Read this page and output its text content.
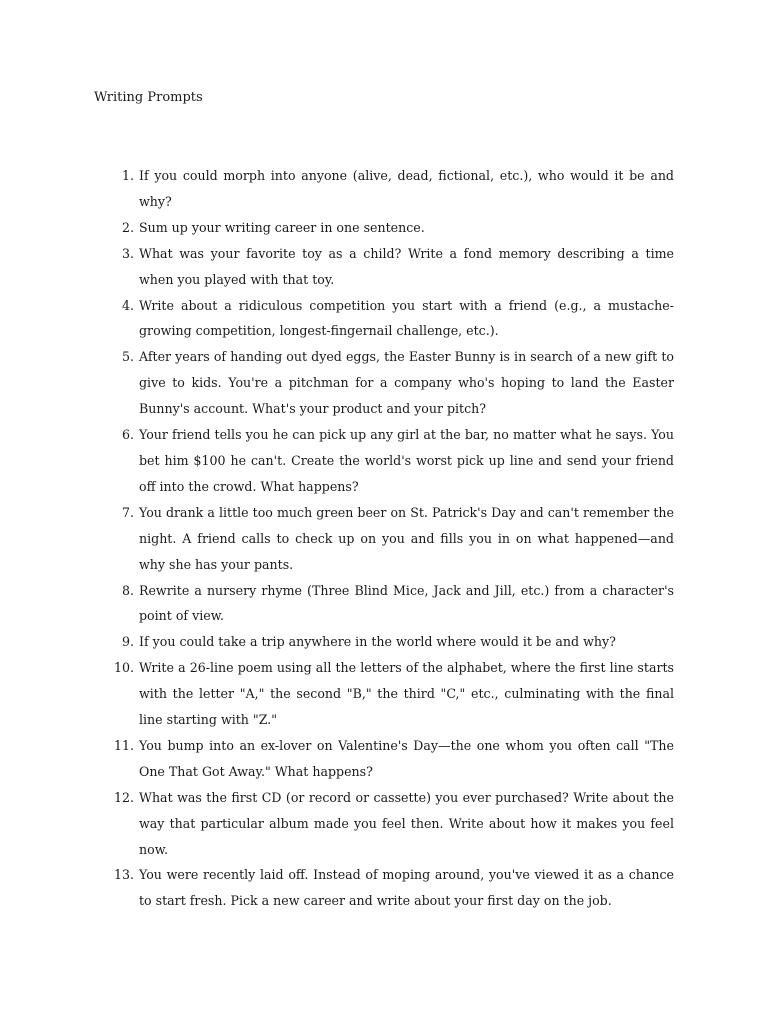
Writing Prompts
1. If you could morph into anyone (alive, dead, fictional, etc.), who would it be and why?
2. Sum up your writing career in one sentence.
3. What was your favorite toy as a child? Write a fond memory describing a time when you played with that toy.
4. Write about a ridiculous competition you start with a friend (e.g., a mustache-growing competition, longest-fingernail challenge, etc.).
5. After years of handing out dyed eggs, the Easter Bunny is in search of a new gift to give to kids. You're a pitchman for a company who's hoping to land the Easter Bunny's account. What's your product and your pitch?
6. Your friend tells you he can pick up any girl at the bar, no matter what he says. You bet him $100 he can't. Create the world's worst pick up line and send your friend off into the crowd. What happens?
7. You drank a little too much green beer on St. Patrick's Day and can't remember the night. A friend calls to check up on you and fills you in on what happened—and why she has your pants.
8. Rewrite a nursery rhyme (Three Blind Mice, Jack and Jill, etc.) from a character's point of view.
9. If you could take a trip anywhere in the world where would it be and why?
10. Write a 26-line poem using all the letters of the alphabet, where the first line starts with the letter "A," the second "B," the third "C," etc., culminating with the final line starting with "Z."
11. You bump into an ex-lover on Valentine's Day—the one whom you often call "The One That Got Away." What happens?
12. What was the first CD (or record or cassette) you ever purchased? Write about the way that particular album made you feel then. Write about how it makes you feel now.
13. You were recently laid off. Instead of moping around, you've viewed it as a chance to start fresh. Pick a new career and write about your first day on the job.
